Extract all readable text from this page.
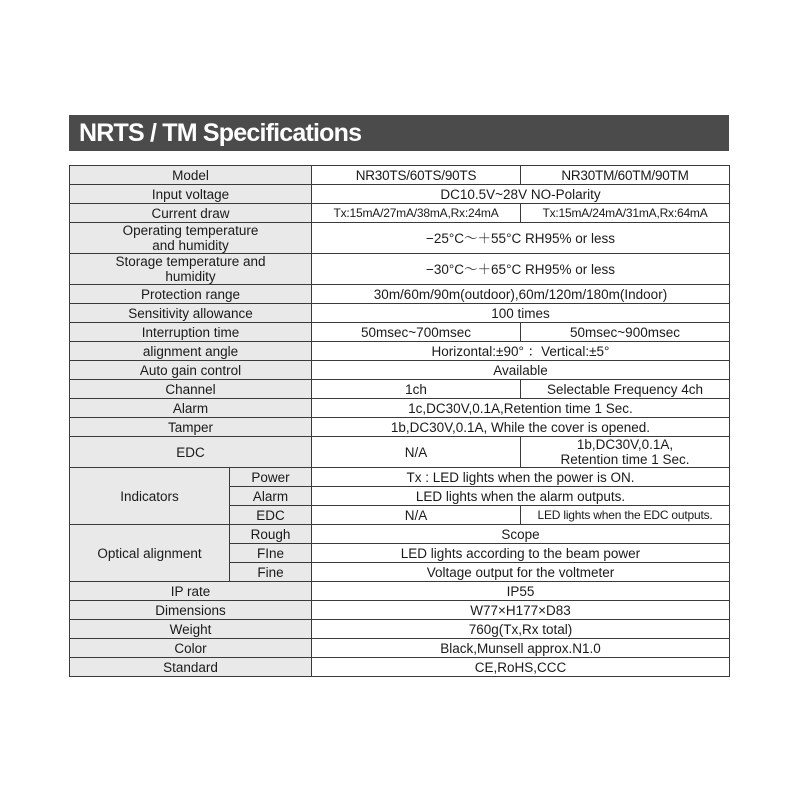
NRTS / TM Specifications
Model		NR30TS/60TS/90TS	NR30TM/60TM/90TM
Input voltage		DC10.5V~28V NO-Polarity	
Current draw		Tx:15mA/27mA/38mA,Rx:24mA	Tx:15mA/24mA/31mA,Rx:64mA
Operating temperature
and humidity		−25°C～＋55°C RH95% or less	
Storage temperature and
humidity		−30°C～＋65°C RH95% or less	
Protection range		30m/60m/90m(outdoor),60m/120m/180m(Indoor)	
Sensitivity allowance		100 times	
Interruption time		50msec~700msec	50msec~900msec
alignment angle		Horizontal:±90° ：Vertical:±5°	
Auto gain control		Available	
Channel		1ch	Selectable Frequency 4ch
Alarm		1c,DC30V,0.1A,Retention time 1 Sec.	
Tamper		1b,DC30V,0.1A, While the cover is opened.	
EDC		N/A	1b,DC30V,0.1A,
Retention time 1 Sec.
Indicators	Power	Tx : LED lights when the power is ON.	
	Alarm	LED lights when the alarm outputs.	
	EDC	N/A	LED lights when the EDC outputs.
Optical alignment	Rough	Scope	
	FIne	LED lights according to the beam power	
	Fine	Voltage output for the voltmeter	
IP rate		IP55	
Dimensions		W77×H177×D83	
Weight		760g(Tx,Rx total)	
Color		Black,Munsell approx.N1.0	
Standard		CE,RoHS,CCC	
